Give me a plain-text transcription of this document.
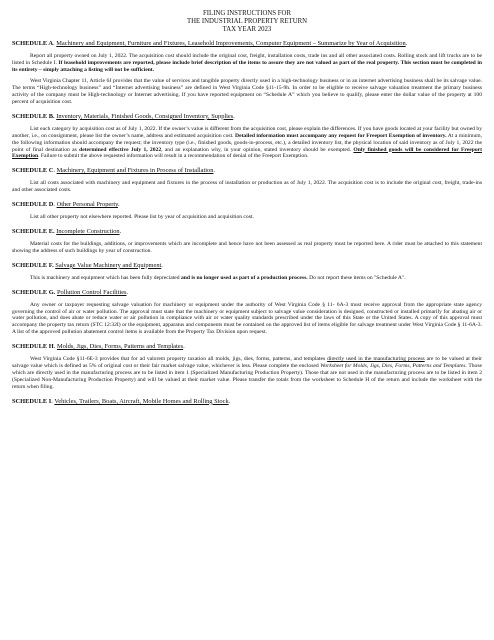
FILING INSTRUCTIONS FOR
THE INDUSTRIAL PROPERTY RETURN
TAX YEAR 2023
SCHEDULE A. Machinery and Equipment, Furniture and Fixtures, Leasehold Improvements, Computer Equipment – Summarize by Year of Acquisition.

Report all property owned on July 1, 2022. The acquisition cost should include the original cost, freight, installation costs, trade ins and all other associated costs. Rolling stock and lift trucks are to be listed in Schedule I. If leasehold improvements are reported, please include brief description of the items to assure they are not valued as part of the real property. This section must be completed in its entirety – simply attaching a listing will not be sufficient.

West Virginia Chapter 11, Article 6J provides that the value of services and tangible property directly used in a high-technology business or in an internet advertising business shall be its salvage value. The terms “High-technology business” and “Internet advertising business” are defined in West Virginia Code §11-15-9h. In order to be eligible to receive salvage valuation treatment the primary business activity of the company must be High-technology or Internet advertising. If you have reported equipment on “Schedule A” which you believe to qualify, please enter the dollar value of the property at 100 percent of acquisition cost.

SCHEDULE B. Inventory, Materials, Finished Goods, Consigned Inventory, Supplies.

List each category by acquisition cost as of July 1, 2022. If the owner’s value is different from the acquisition cost, please explain the differences. If you have goods located at your facility but owned by another, i.e., on consignment, please list the owner’s name, address and estimated acquisition cost. Detailed information must accompany any request for Freeport Exemption of inventory. At a minimum, the following information should accompany the request; the inventory type (i.e., finished goods, goods-in-process, etc.), a detailed inventory list, the physical location of said inventory as of July 1, 2022 the point of final destination as determined effective July 1, 2022, and an explanation why, in your opinion, stated inventory should be exempted. Only finished goods will be considered for Freeport Exemption. Failure to submit the above requested information will result in a recommendation of denial of the Freeport Exemption.

SCHEDULE C. Machinery, Equipment and Fixtures in Process of Installation.

List all costs associated with machinery and equipment and fixtures in the process of installation or production as of July 1, 2022. The acquisition cost is to include the original cost, freight, trade-ins and other associated costs.

SCHEDULE D. Other Personal Property.

List all other property not elsewhere reported. Please list by year of acquisition and acquisition cost.

SCHEDULE E. Incomplete Construction.

Material costs for the buildings, additions, or improvements which are incomplete and hence have not been assessed as real property must be reported here. A rider must be attached to this statement showing the address of such buildings by year of construction.

SCHEDULE F. Salvage Value Machinery and Equipment.

This is machinery and equipment which has been fully depreciated and is no longer used as part of a production process. Do not report these items on "Schedule A".

SCHEDULE G. Pollution Control Facilities.

Any owner or taxpayer requesting salvage valuation for machinery or equipment under the authority of West Virginia Code § 11- 6A-3 must receive approval from the appropriate state agency governing the control of air or water pollution. The approval must state that the machinery or equipment subject to salvage value consideration is designed, constructed or installed primarily for abating air or water pollution, and does abate or reduce water or air pollution in compliance with air or water quality standards prescribed under the laws of this State or the United States. A copy of this approval must accompany the property tax return (STC 12:32I) or the equipment, apparatus and components must be contained on the approved list of items eligible for salvage treatment under West Virginia Code § 11-6A-3. A list of the approved pollution abatement control items is available from the Property Tax Division upon request.

SCHEDULE H. Molds, Jigs, Dies, Forms, Patterns and Templates.

West Virginia Code §11-6E-3 provides that for ad valorem property taxation all molds, jigs, dies, forms, patterns, and templates directly used in the manufacturing process are to be valued at their salvage value which is defined as 5% of original cost or their fair market salvage value, whichever is less. Please complete the enclosed Worksheet for Molds, Jigs, Dies, Forms, Patterns and Templates. Those which are directly used in the manufacturing process are to be listed in item 1 (Specialized Manufacturing Production Property). Those that are not used in the manufacturing process are to be listed in item 2 (Specialized Non-Manufacturing Production Property) and will be valued at their market value. Please transfer the totals from the worksheet to Schedule H of the return and include the worksheet with the return when filing.

SCHEDULE I. Vehicles, Trailers, Boats, Aircraft, Mobile Homes and Rolling Stock.
